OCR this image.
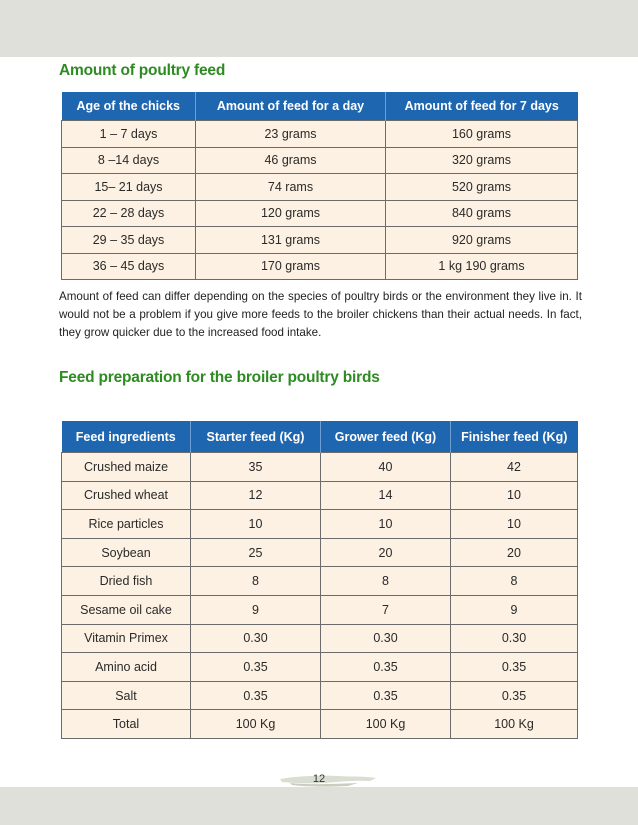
Amount of poultry feed
Age of the chicks	Amount of feed for a day	Amount of feed for 7 days
1 – 7 days	23 grams	160 grams
8 –14 days	46 grams	320 grams
15– 21 days	74 rams	520 grams
22 – 28 days	120 grams	840 grams
29 – 35 days	131 grams	920 grams
36 – 45 days	170 grams	1 kg 190 grams

Amount of feed can differ depending on the species of poultry birds or the environment they live in. It would not be a problem if you give more feeds to the broiler chickens than their actual needs. In fact, they grow quicker due to the increased food intake.

Feed preparation for the broiler poultry birds
Feed ingredients	Starter feed (Kg)	Grower feed (Kg)	Finisher feed (Kg)
Crushed maize	35	40	42
Crushed wheat	12	14	10
Rice particles	10	10	10
Soybean	25	20	20
Dried fish	8	8	8
Sesame oil cake	9	7	9
Vitamin Primex	0.30	0.30	0.30
Amino acid	0.35	0.35	0.35
Salt	0.35	0.35	0.35
Total	100 Kg	100 Kg	100 Kg
12
